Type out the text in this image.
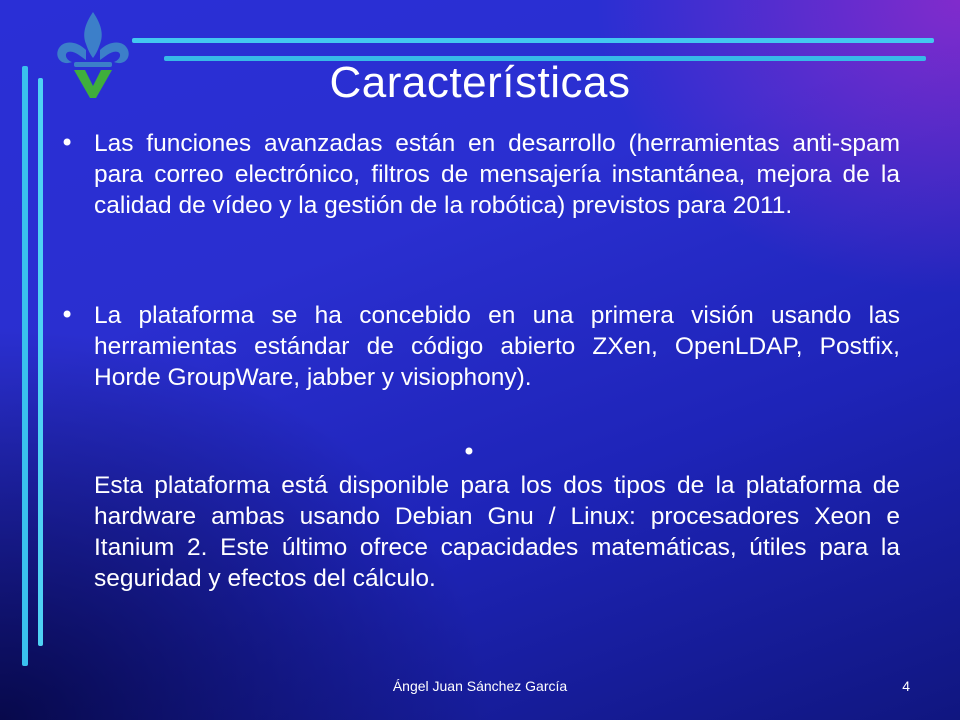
Características
• Las funciones avanzadas están en desarrollo (herramientas anti-spam para correo electrónico, filtros de mensajería instantánea, mejora de la calidad de vídeo y la gestión de la robótica) previstos para 2011.
• La plataforma se ha concebido en una primera visión usando las herramientas estándar de código abierto ZXen, OpenLDAP, Postfix, Horde GroupWare, jabber y visiophony).
•
Esta plataforma está disponible para los dos tipos de la plataforma de hardware ambas usando Debian Gnu / Linux: procesadores Xeon e Itanium 2. Este último ofrece capacidades matemáticas, útiles para la seguridad y efectos del cálculo.
Ángel Juan Sánchez García	4
